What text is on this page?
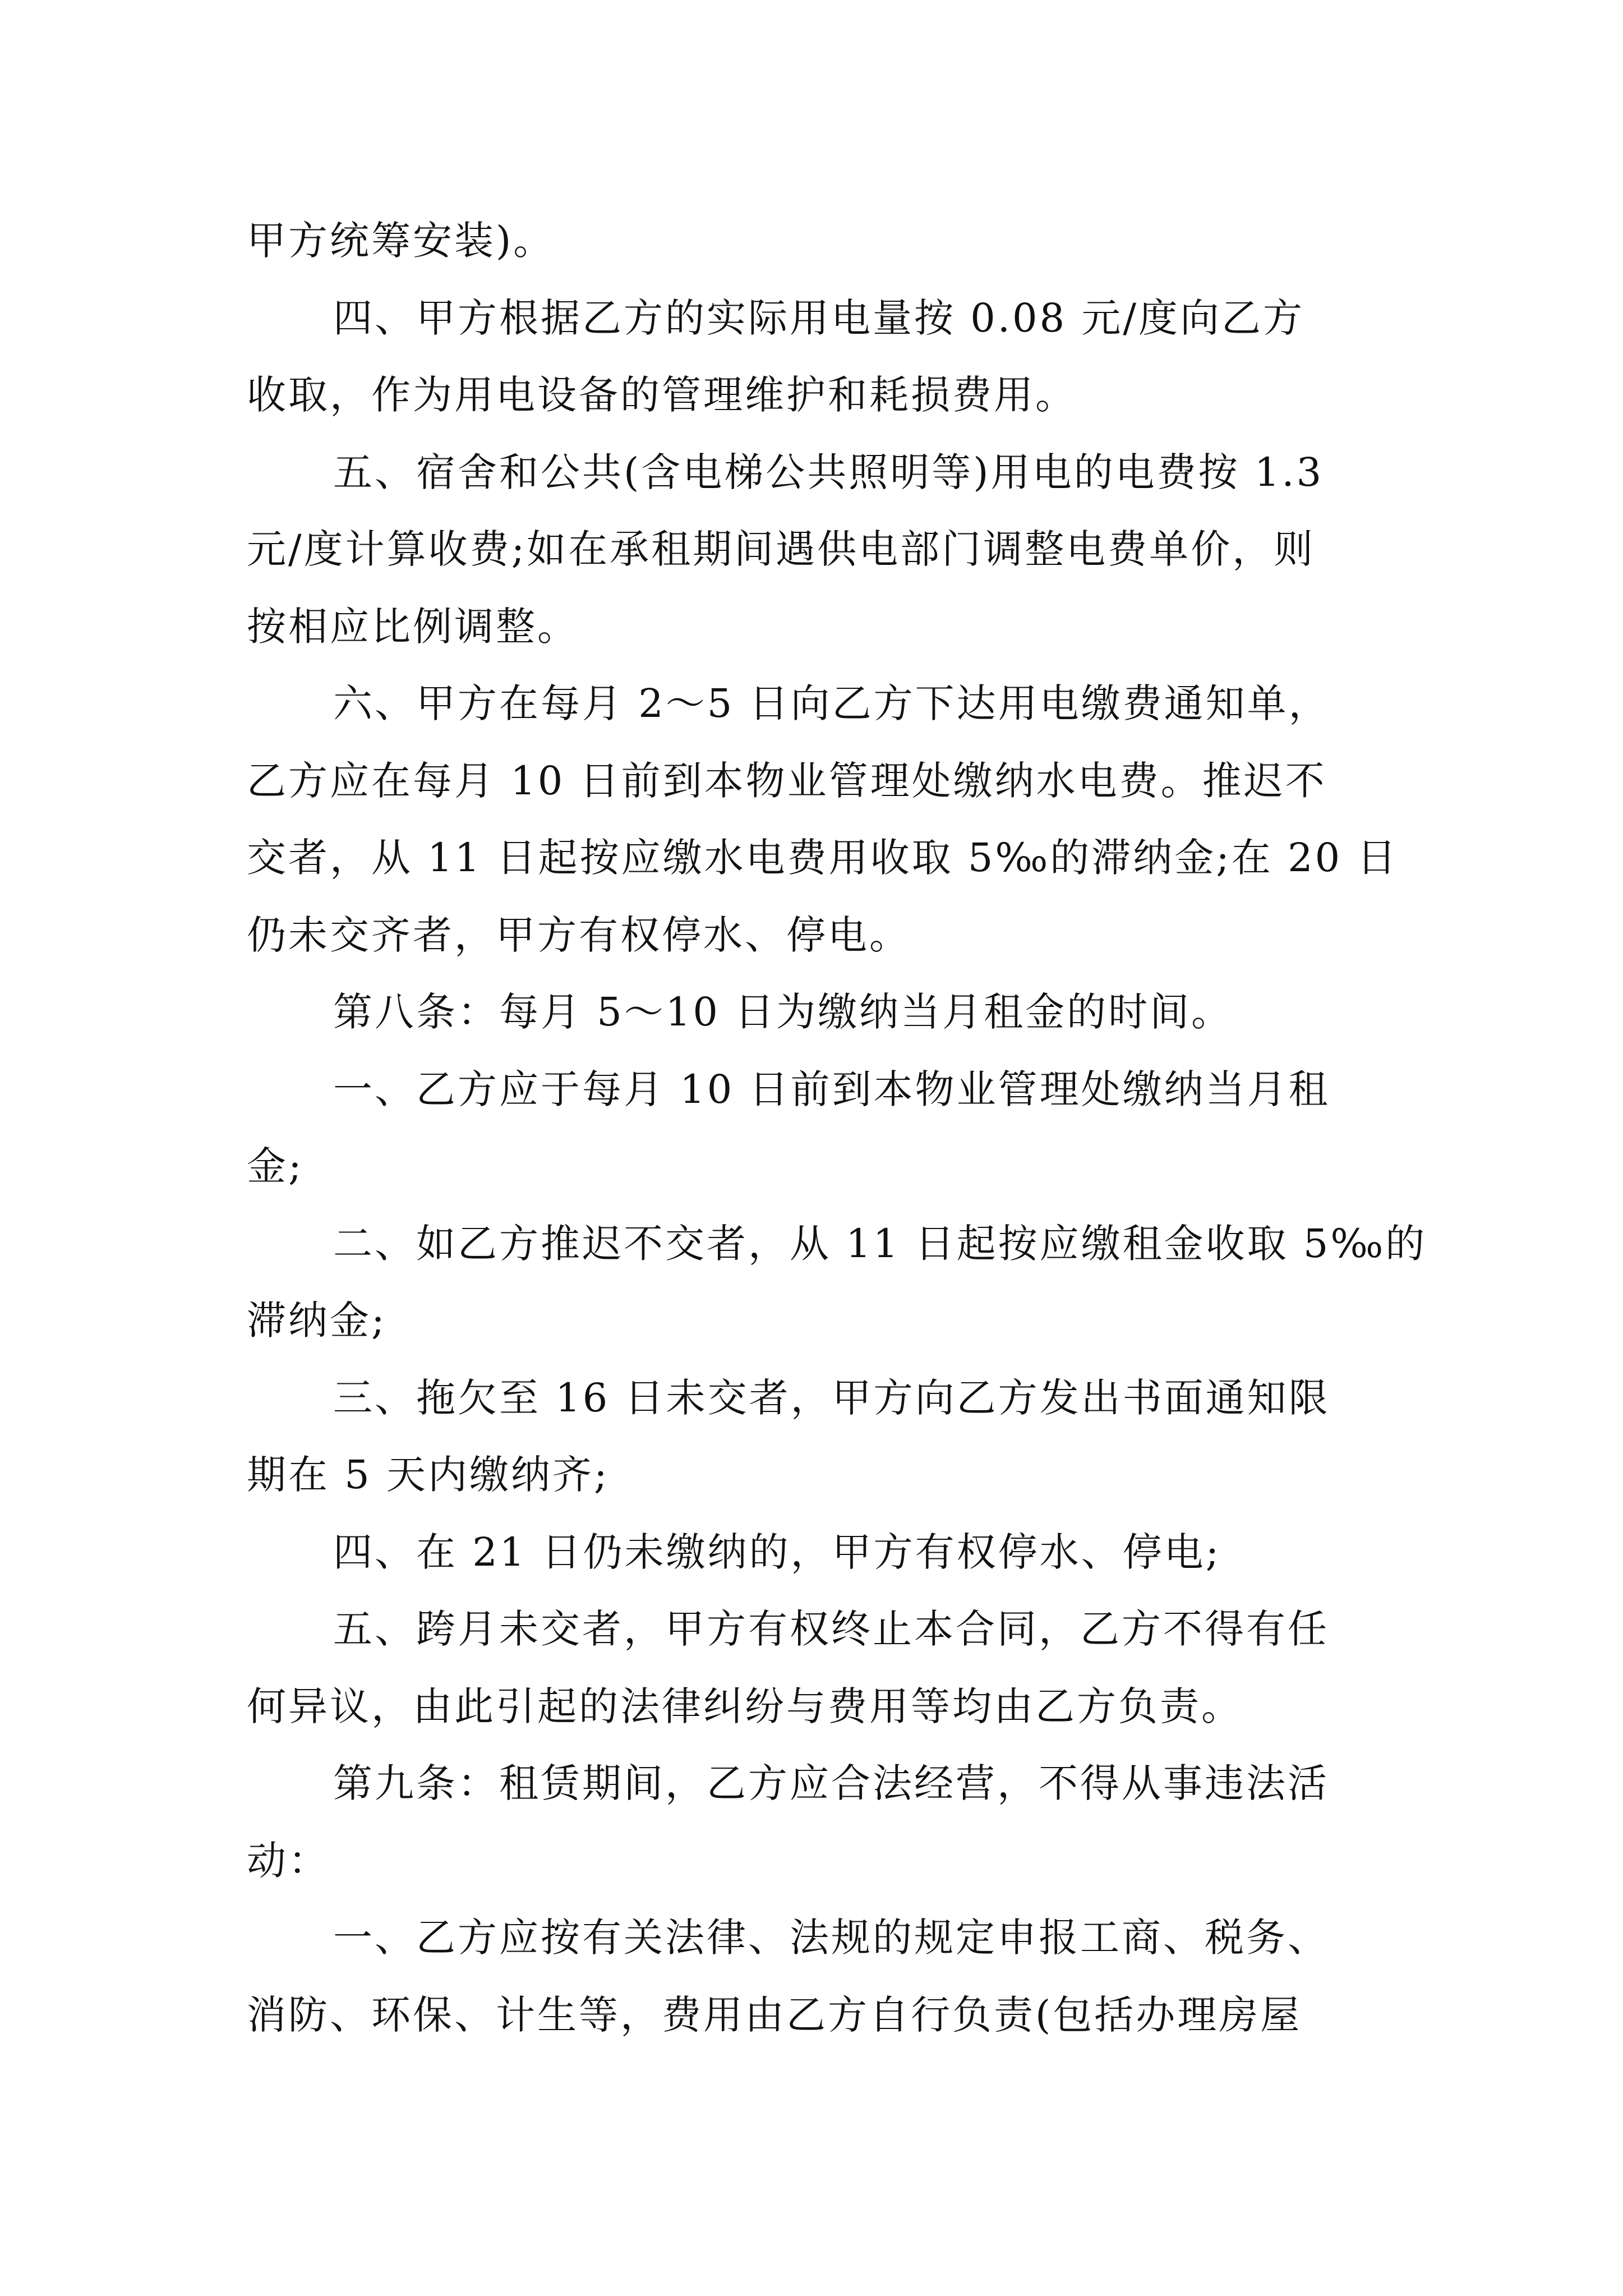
甲方统筹安装)。

四、甲方根据乙方的实际用电量按 0.08 元/度向乙方

收取，作为用电设备的管理维护和耗损费用。

五、宿舍和公共(含电梯公共照明等)用电的电费按 1.3

元/度计算收费;如在承租期间遇供电部门调整电费单价，则

按相应比例调整。

六、甲方在每月 2～5 日向乙方下达用电缴费通知单，

乙方应在每月 10 日前到本物业管理处缴纳水电费。推迟不

交者，从 11 日起按应缴水电费用收取 5‰的滞纳金;在 20 日

仍未交齐者，甲方有权停水、停电。

第八条：每月 5～10 日为缴纳当月租金的时间。

一、乙方应于每月 10 日前到本物业管理处缴纳当月租

金;

二、如乙方推迟不交者，从 11 日起按应缴租金收取 5‰的

滞纳金;

三、拖欠至 16 日未交者，甲方向乙方发出书面通知限

期在 5 天内缴纳齐;

四、在 21 日仍未缴纳的，甲方有权停水、停电;

五、跨月未交者，甲方有权终止本合同，乙方不得有任

何异议，由此引起的法律纠纷与费用等均由乙方负责。

第九条：租赁期间，乙方应合法经营，不得从事违法活

动：

一、乙方应按有关法律、法规的规定申报工商、税务、

消防、环保、计生等，费用由乙方自行负责(包括办理房屋
